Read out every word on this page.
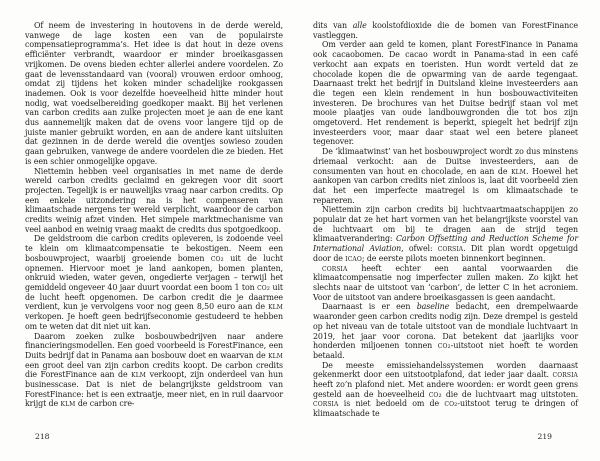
Of neem de investering in houtovens in de derde wereld, vanwege de lage kosten een van de populairste compensatieprogramma’s. Het idee is dat hout in deze ovens efficiënter verbrandt, waardoor er minder broeikasgassen vrijkomen. De ovens bieden echter allerlei andere voordelen. Zo gaat de levensstandaard van (vooral) vrouwen erdoor omhoog, omdat zij tijdens het koken minder schadelijke rookgassen inademen. Ook is voor dezelfde hoeveelheid hitte minder hout nodig, wat voedselbereiding goedkoper maakt. Bij het verlenen van carbon credits aan zulke projecten moet je aan de ene kant dus aannemelijk maken dat de ovens voor langere tijd op de juiste manier gebruikt worden, en aan de andere kant uitsluiten dat gezinnen in de derde wereld die oventjes sowieso zouden gaan gebruiken, vanwege de andere voordelen die ze bieden. Het is een schier onmogelijke opgave.

Niettemin hebben veel organisaties in met name de derde wereld carbon credits geclaimd en gekregen voor dit soort projecten. Tegelijk is er nauwelijks vraag naar carbon credits. Op een enkele uitzondering na is het compenseren van klimaatschade nergens ter wereld verplicht, waardoor de carbon credits weinig afzet vinden. Het simpele marktmechanisme van veel aanbod en weinig vraag maakt de credits dus spotgoedkoop.

De geldstroom die carbon credits opleveren, is zodoende veel te klein om klimaatcompensatie te bekostigen. Neem een bosbouwproject, waarbij groeiende bomen co₂ uit de lucht opnemen. Hiervoor moet je land aankopen, bomen planten, onkruid wieden, water geven, ongedierte verjagen – terwijl het gemiddeld ongeveer 40 jaar duurt voordat een boom 1 ton co₂ uit de lucht heeft opgenomen. De carbon credit die je daarmee verdient, kun je vervolgens voor nog geen 8,50 euro aan de klm verkopen. Je hoeft geen bedrijfseconomie gestudeerd te hebben om te weten dat dit niet uit kan.

Daarom zoeken zulke bosbouwbedrijven naar andere financieringsmodellen. Een goed voorbeeld is ForestFinance, een Duits bedrijf dat in Panama aan bosbouw doet en waarvan de klm een groot deel van zijn carbon credits koopt. De carbon credits die ForestFinance aan de klm verkoopt, zijn onderdeel van hun businesscase. Dat is niet de belangrijkste geldstroom van ForestFinance: het is een extraatje, meer niet, en in ruil daarvoor krijgt de klm de carbon cre-

218

dits van alle koolstofdioxide die de bomen van ForestFinance vastleggen.

Om verder aan geld te komen, plant ForestFinance in Panama ook cacaobomen. De cacao wordt in Panama-stad in een café verkocht aan expats en toeristen. Hun wordt verteld dat ze chocolade kopen die de opwarming van de aarde tegengaat. Daarnaast trekt het bedrijf in Duitsland kleine investeerders aan die tegen een klein rendement in hun bosbouwactiviteiten investeren. De brochures van het Duitse bedrijf staan vol met mooie plaatjes van oude landbouwgronden die tot bos zijn omgetoverd. Het rendement is beperkt, spiegelt het bedrijf zijn investeerders voor, maar daar staat wel een betere planeet tegenover.

De ‘klimaatwinst’ van het bosbouwproject wordt zo dus minstens driemaal verkocht: aan de Duitse investeerders, aan de consumenten van hout en chocolade, en aan de klm. Hoewel het aankopen van carbon credits niet zinloos is, laat dit voorbeeld zien dat het een imperfecte maatregel is om klimaatschade te repareren.

Niettemin zijn carbon credits bij luchtvaartmaatschappijen zo populair dat ze het hart vormen van het belangrijkste voorstel van de luchtvaart om bij te dragen aan de strijd tegen klimaatverandering: Carbon Offsetting and Reduction Scheme for International Aviation, ofwel: corsia. Dit plan wordt opgetuigd door de icao; de eerste pilots moeten binnenkort beginnen.

corsia heeft echter een aantal voorwaarden die klimaatcompensatie nog imperfecter zullen maken. Zo kijkt het slechts naar de uitstoot van ‘carbon’, de letter C in het acroniem. Voor de uitstoot van andere broeikasgassen is geen aandacht.

Daarnaast is er een baseline bedacht, een drempelwaarde waaronder geen carbon credits nodig zijn. Deze drempel is gesteld op het niveau van de totale uitstoot van de mondiale luchtvaart in 2019, het jaar voor corona. Dat betekent dat jaarlijks voor honderden miljoenen tonnen co₂-uitstoot niet hoeft te worden betaald.

De meeste emissiehandelssystemen worden daarnaast gekenmerkt door een uitstootplafond, dat ieder jaar daalt. corsia heeft zo’n plafond niet. Met andere woorden: er wordt geen grens gesteld aan de hoeveelheid co₂ die de luchtvaart mag uitstoten. corsia is niet bedoeld om de co₂-uitstoot terug te dringen of klimaatschade te

219
